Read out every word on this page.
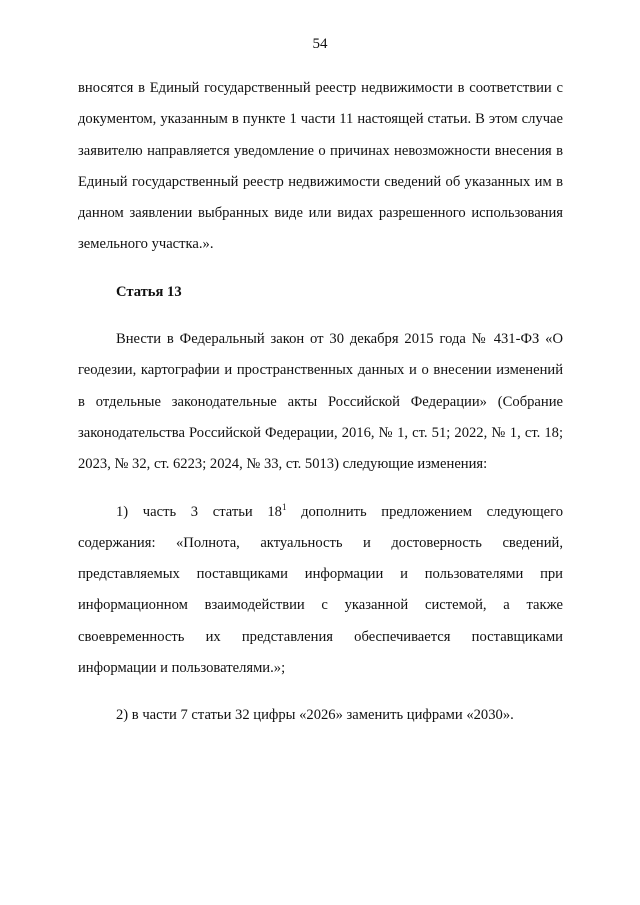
54

вносятся в Единый государственный реестр недвижимости в соответствии с документом, указанным в пункте 1 части 11 настоящей статьи. В этом случае заявителю направляется уведомление о причинах невозможности внесения в Единый государственный реестр недвижимости сведений об указанных им в данном заявлении выбранных виде или видах разрешенного использования земельного участка.».

Статья 13

Внести в Федеральный закон от 30 декабря 2015 года № 431-ФЗ «О геодезии, картографии и пространственных данных и о внесении изменений в отдельные законодательные акты Российской Федерации» (Собрание законодательства Российской Федерации, 2016, № 1, ст. 51; 2022, № 1, ст. 18; 2023, № 32, ст. 6223; 2024, № 33, ст. 5013) следующие изменения:

1) часть 3 статьи $18^1$ дополнить предложением следующего содержания: «Полнота, актуальность и достоверность сведений, представляемых поставщиками информации и пользователями при информационном взаимодействии с указанной системой, а также своевременность их представления обеспечивается поставщиками информации и пользователями.»;

2) в части 7 статьи 32 цифры «2026» заменить цифрами «2030».
